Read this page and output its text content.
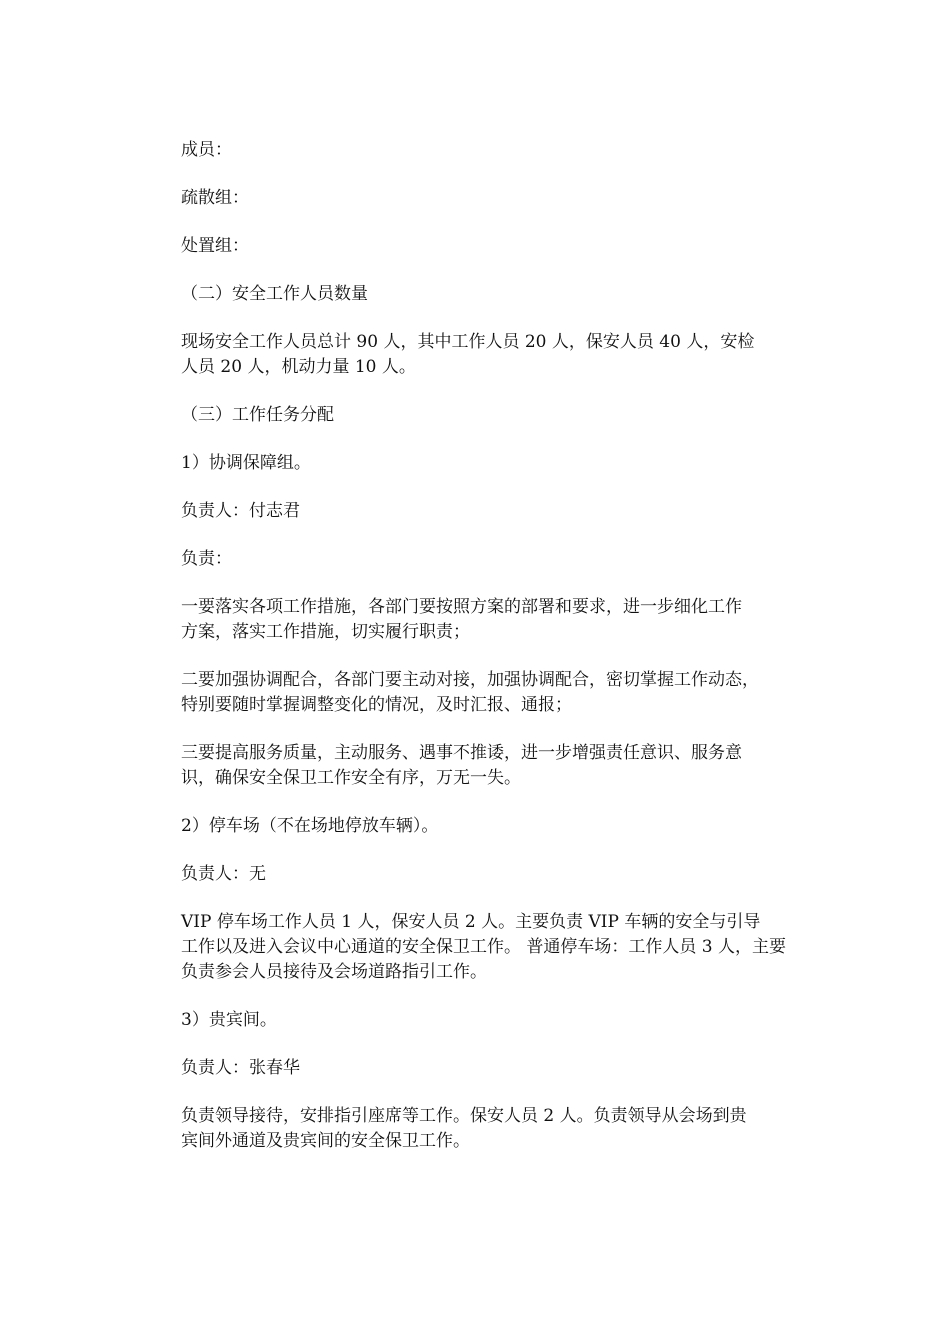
成员：

疏散组：

处置组：

（二）安全工作人员数量

现场安全工作人员总计 90 人，其中工作人员 20 人，保安人员 40 人，安检
人员 20 人，机动力量 10 人。

（三）工作任务分配

1）协调保障组。

负责人：付志君

负责：

一要落实各项工作措施，各部门要按照方案的部署和要求，进一步细化工作
方案，落实工作措施，切实履行职责；

二要加强协调配合，各部门要主动对接，加强协调配合，密切掌握工作动态，
特别要随时掌握调整变化的情况，及时汇报、通报；

三要提高服务质量，主动服务、遇事不推诿，进一步增强责任意识、服务意
识，确保安全保卫工作安全有序，万无一失。

2）停车场（不在场地停放车辆）。

负责人：无

VIP 停车场工作人员 1 人，保安人员 2 人。主要负责 VIP 车辆的安全与引导
工作以及进入会议中心通道的安全保卫工作。 普通停车场：工作人员 3 人，主要
负责参会人员接待及会场道路指引工作。

3）贵宾间。

负责人：张春华

负责领导接待，安排指引座席等工作。保安人员 2 人。负责领导从会场到贵
宾间外通道及贵宾间的安全保卫工作。
